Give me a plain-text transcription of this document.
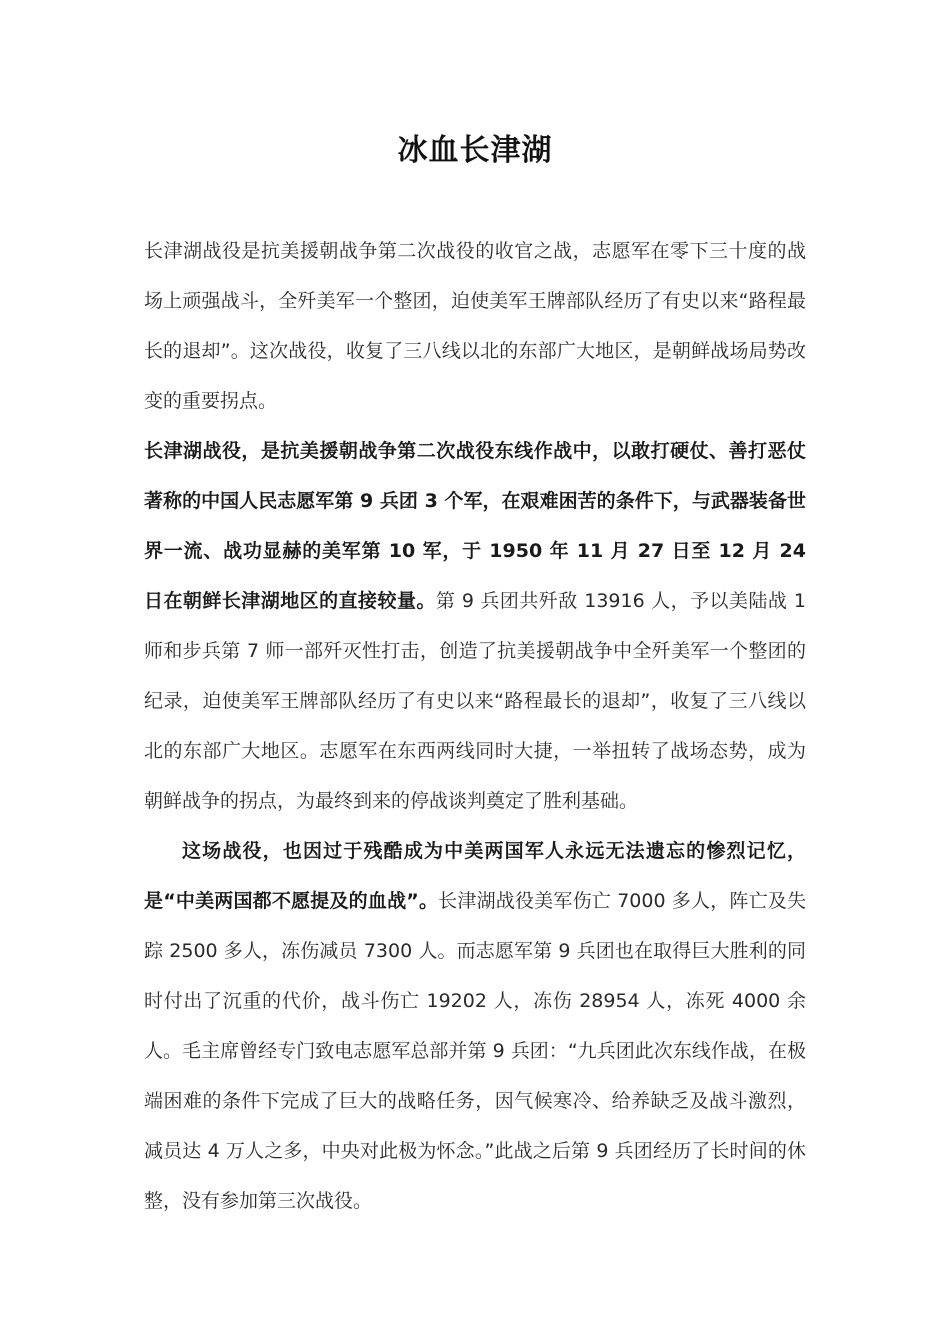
冰血长津湖

长津湖战役是抗美援朝战争第二次战役的收官之战，志愿军在零下三十度的战场上顽强战斗，全歼美军一个整团，迫使美军王牌部队经历了有史以来“路程最长的退却”。这次战役，收复了三八线以北的东部广大地区，是朝鲜战场局势改变的重要拐点。

长津湖战役，是抗美援朝战争第二次战役东线作战中，以敢打硬仗、善打恶仗著称的中国人民志愿军第 9 兵团 3 个军，在艰难困苦的条件下，与武器装备世界一流、战功显赫的美军第 10 军，于 1950 年 11 月 27 日至 12 月 24 日在朝鲜长津湖地区的直接较量。第 9 兵团共歼敌 13916 人，予以美陆战 1 师和步兵第 7 师一部歼灭性打击，创造了抗美援朝战争中全歼美军一个整团的纪录，迫使美军王牌部队经历了有史以来“路程最长的退却”，收复了三八线以北的东部广大地区。志愿军在东西两线同时大捷，一举扭转了战场态势，成为朝鲜战争的拐点，为最终到来的停战谈判奠定了胜利基础。

这场战役，也因过于残酷成为中美两国军人永远无法遗忘的惨烈记忆，是“中美两国都不愿提及的血战”。长津湖战役美军伤亡 7000 多人，阵亡及失踪 2500 多人，冻伤减员 7300 人。而志愿军第 9 兵团也在取得巨大胜利的同时付出了沉重的代价，战斗伤亡 19202 人，冻伤 28954 人，冻死 4000 余人。毛主席曾经专门致电志愿军总部并第 9 兵团：“九兵团此次东线作战，在极端困难的条件下完成了巨大的战略任务，因气候寒冷、给养缺乏及战斗激烈，减员达 4 万人之多，中央对此极为怀念。”此战之后第 9 兵团经历了长时间的休整，没有参加第三次战役。
